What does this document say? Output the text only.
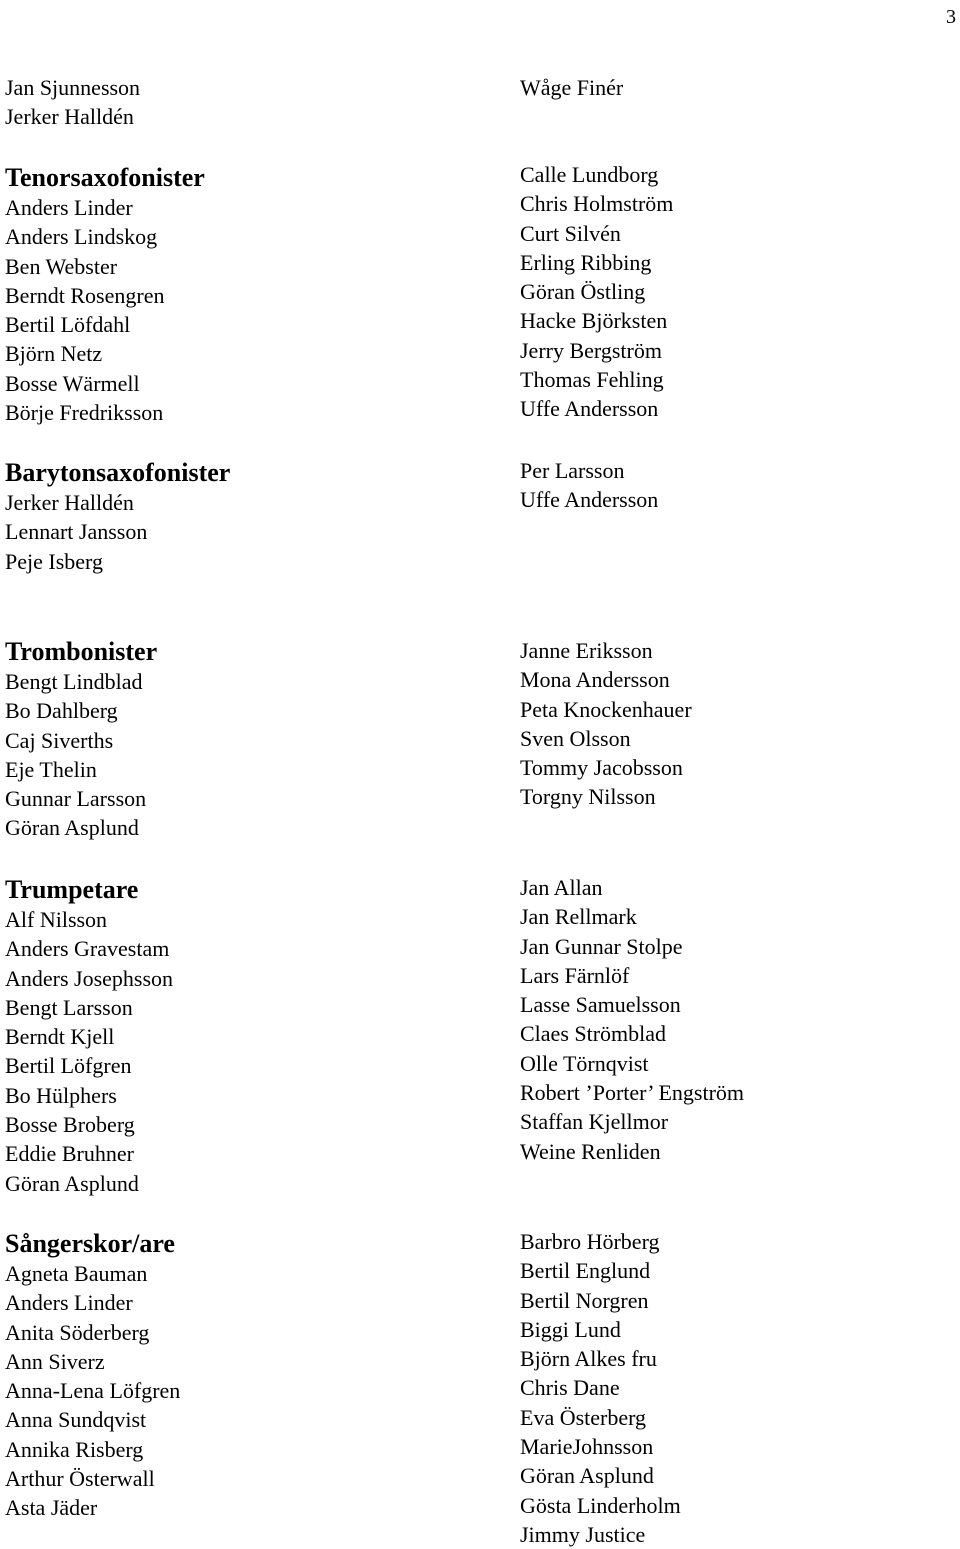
3
Jan Sjunnesson
Jerker Halldén
Tenorsaxofonister
Anders Linder
Anders Lindskog
Ben Webster
Berndt Rosengren
Bertil Löfdahl
Björn Netz
Bosse Wärmell
Börje Fredriksson
Barytonsaxofonister
Jerker Halldén
Lennart Jansson
Peje Isberg
Trombonister
Bengt Lindblad
Bo Dahlberg
Caj Siverths
Eje Thelin
Gunnar Larsson
Göran Asplund
Trumpetare
Alf Nilsson
Anders Gravestam
Anders Josephsson
Bengt Larsson
Berndt Kjell
Bertil Löfgren
Bo Hülphers
Bosse Broberg
Eddie Bruhner
Göran Asplund
Sångerskor/are
Agneta Bauman
Anders Linder
Anita Söderberg
Ann Siverz
Anna-Lena Löfgren
Anna Sundqvist
Annika Risberg
Arthur Österwall
Asta Jäder
Wåge Finér
Calle Lundborg
Chris Holmström
Curt Silvén
Erling Ribbing
Göran Östling
Hacke Björksten
Jerry Bergström
Thomas Fehling
Uffe Andersson
Per Larsson
Uffe Andersson
Janne Eriksson
Mona Andersson
Peta Knockenhauer
Sven Olsson
Tommy Jacobsson
Torgny Nilsson
Jan Allan
Jan Rellmark
Jan Gunnar Stolpe
Lars Färnlöf
Lasse Samuelsson
Claes Strömblad
Olle Törnqvist
Robert ’Porter’ Engström
Staffan Kjellmor
Weine Renliden
Barbro Hörberg
Bertil Englund
Bertil Norgren
Biggi Lund
Björn Alkes fru
Chris Dane
Eva Österberg
MarieJohnsson
Göran Asplund
Gösta Linderholm
Jimmy Justice
